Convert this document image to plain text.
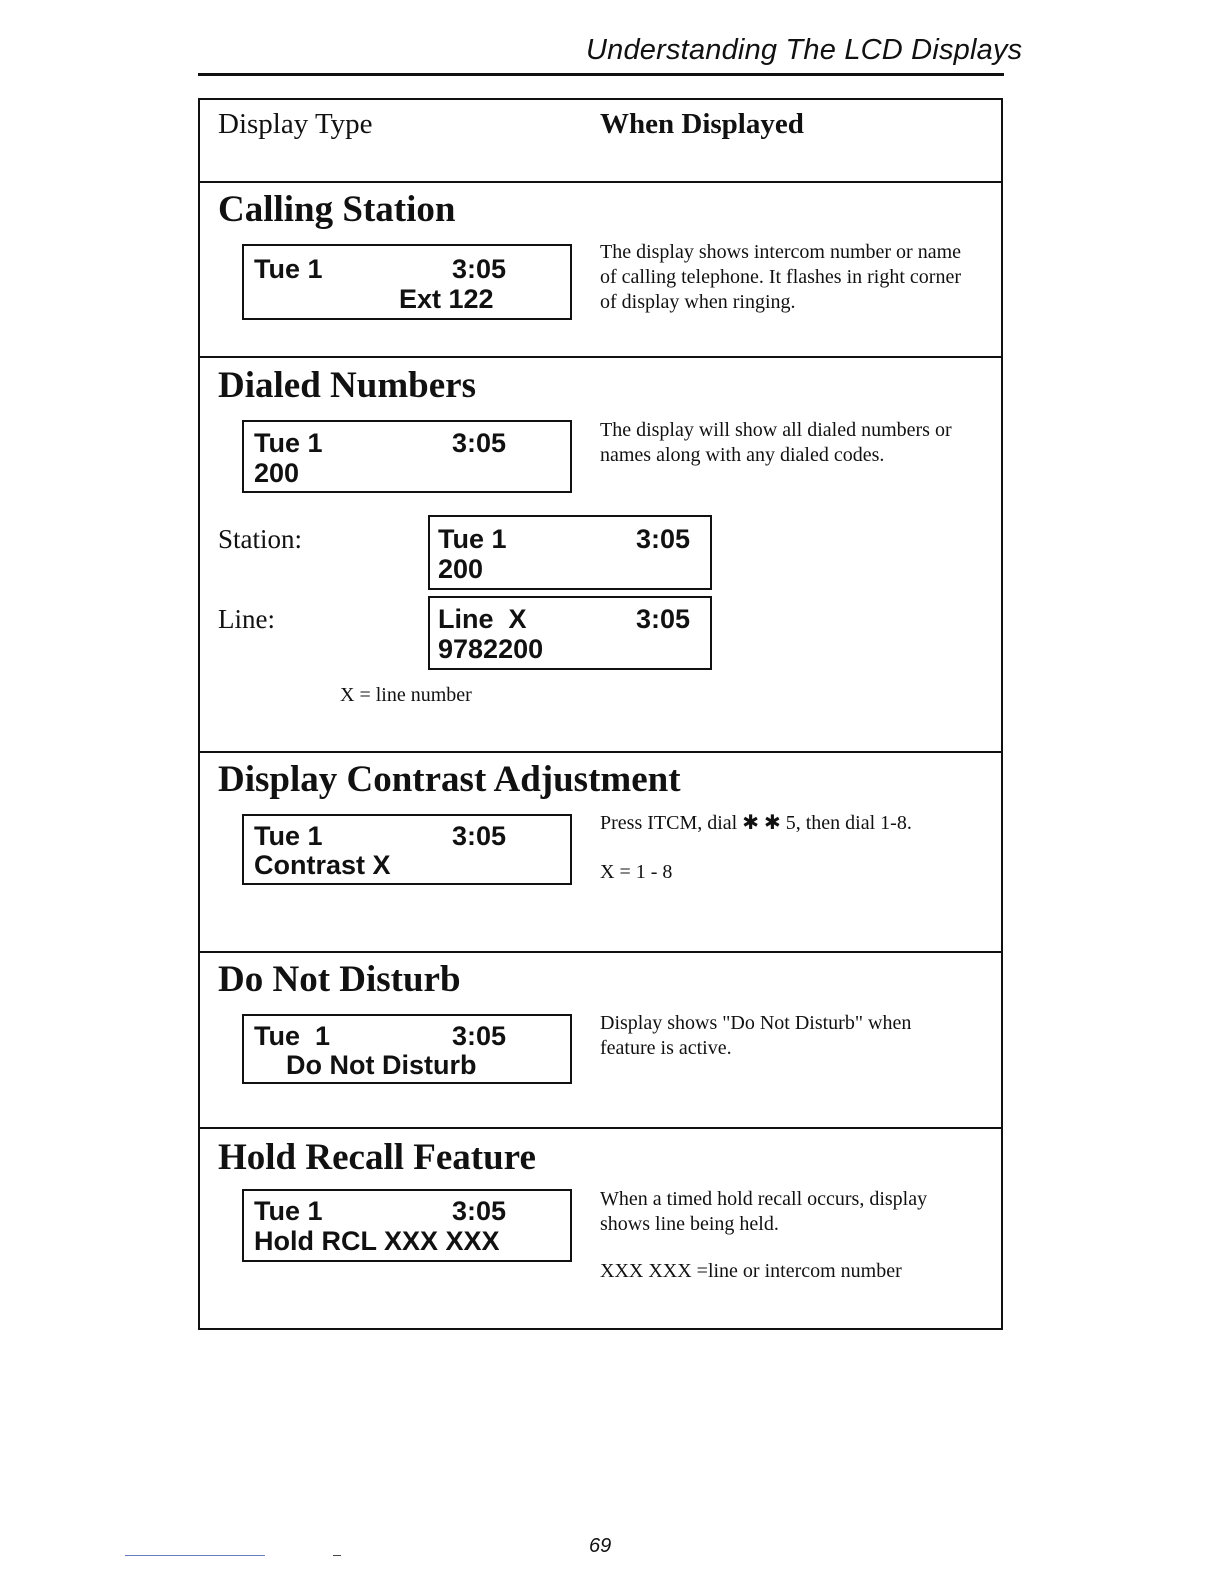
Understanding The LCD Displays
Display Type	When Displayed
Calling Station
Tue 1	3:05
Ext 122
The display shows intercom number or name of calling telephone. It flashes in right corner of display when ringing.
Dialed Numbers
Tue 1	3:05
200
The display will show all dialed numbers or names along with any dialed codes.
Station:	Tue 1	3:05
200
Line:	Line  X	3:05
9782200
X = line number
Display Contrast Adjustment
Tue 1	3:05
Contrast X
Press ITCM, dial ✱ ✱ 5, then dial 1-8.
X = 1 - 8
Do Not Disturb
Tue  1	3:05
Do Not Disturb
Display shows "Do Not Disturb" when feature is active.
Hold Recall Feature
Tue 1	3:05
Hold RCL XXX XXX
When a timed hold recall occurs, display shows line being held.
XXX XXX =line or intercom number
69
